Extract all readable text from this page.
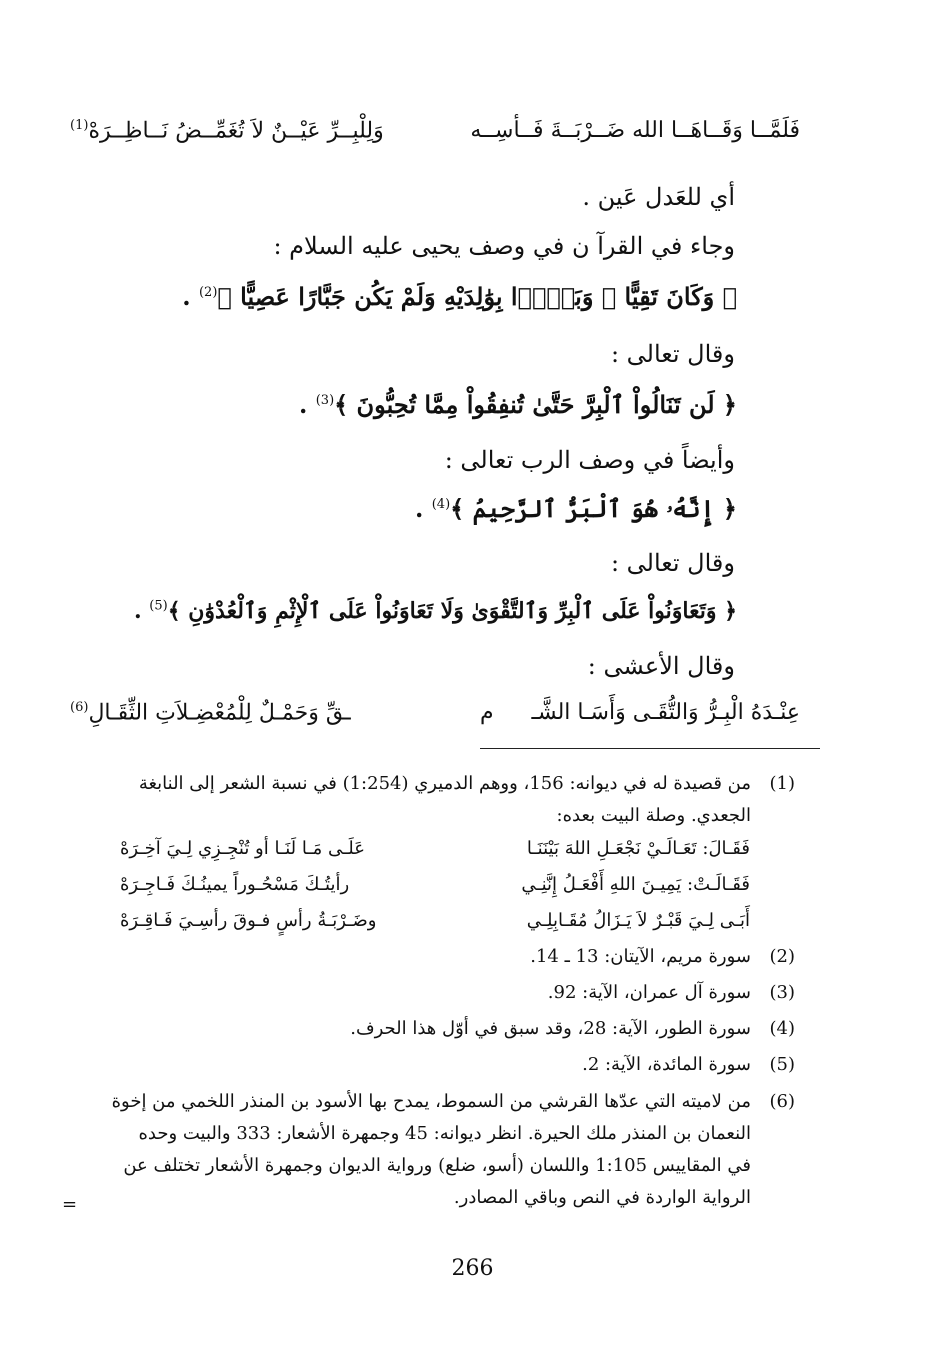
فَلَمَّــا وَقَــاهَــا الله ضَــرْبَــةَ فَــأسِــه
وَلِلْبِــرِّ عَيْــنٌ لاَ تُغَمِّــضُ نَــاظِــرَهْ$^{(1)}$
أي للعَدل عَين .
وجاء في القرآ ن في وصف يحيى عليه السلام :
﴿ وَكَانَ تَقِيًّا ۞ وَبَرًّۢا بِوَٰلِدَيْهِ وَلَمْ يَكُن جَبَّارًا عَصِيًّا ﴾$^{(2)}$ .
وقال تعالى :
﴿ لَن تَنَالُواْ ٱلْبِرَّ حَتَّىٰ تُنفِقُواْ مِمَّا تُحِبُّونَ ﴾$^{(3)}$ .
وأيضاً في وصف الرب تعالى :
﴿ إِنَّهُۥ هُوَ ٱلْبَرُّ ٱلرَّحِيمُ ﴾$^{(4)}$ .
وقال تعالى :
﴿ وَتَعَاوَنُواْ عَلَى ٱلْبِرِّ وَٱلتَّقْوَىٰ وَلَا تَعَاوَنُواْ عَلَى ٱلْإِثْمِ وَٱلْعُدْوَٰنِ ﴾$^{(5)}$ .
وقال الأعشى :
عِنْـدَهُ الْبِـرُّ وَالتُّقَـى وَأَسَـا الشَّـ
م
ـقِّ وَحَمْـلٌ لِلْمُعْضِـلاَتِ الثِّقَـالِ$^{(6)}$
(1)من قصيدة له في ديوانه: 156، ووهم الدميري (1:254) في نسبة الشعر إلى النابغة
الجعدي. وصلة البيت بعده:
فَقَـالَ: تَعَـالَـيْ نَجْعَـلِ اللهَ بَيْنَنَـا
عَلَـى مَـا لَنَـا أو تُنْجِـزِي لِـيَ آخِـرَهْ
فَقَـالَـتْ: يَمِيـنَ اللهِ أَفْعَـلُ إِنَّنِـي
رأيتُـكَ مَسْحُـوراً يمينُـكَ فَـاجِـرَهْ
أَبَـى لِـيَ قَبْـرٌ لاَ يَـزَالُ مُقَـابِلِـي
وضَـرْبَـةُ رأسٍ فـوقَ رأسِـيَ فَـاقِـرَهْ
(2)سورة مريم، الآيتان: 13 ـ 14.
(3)سورة آل عمران، الآية: 92.
(4)سورة الطور، الآية: 28، وقد سبق في أوّل هذا الحرف.
(5)سورة المائدة، الآية: 2.
(6)من لاميته التي عدّها القرشي من السموط، يمدح بها الأسود بن المنذر اللخمي من إخوة
النعمان بن المنذر ملك الحيرة. انظر ديوانه: 45 وجمهرة الأشعار: 333 والبيت وحده
في المقاييس 1:105 واللسان (أسو، ضلع) ورواية الديوان وجمهرة الأشعار تختلف عن
الرواية الواردة في النص وباقي المصادر.
=
266
